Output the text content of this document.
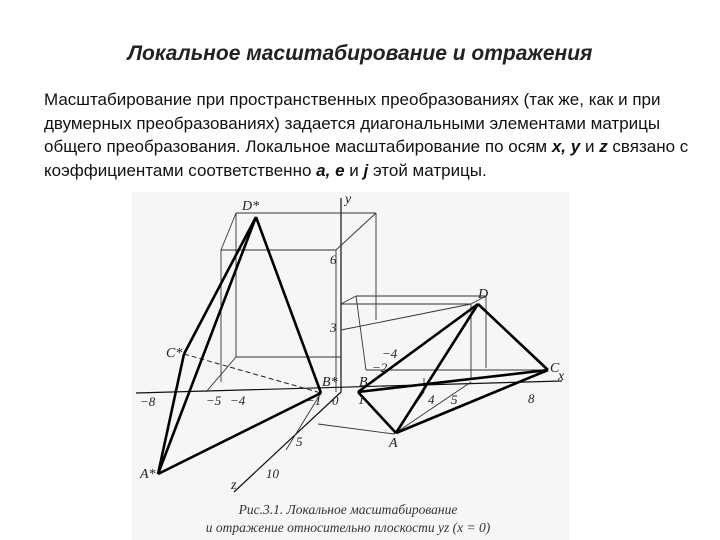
Локальное масштабирование и отражения
Масштабирование при пространственных преобразованиях (так же, как и при двумерных преобразованиях) задается диагональными элементами матрицы общего преобразования. Локальное масштабирование по осям x, y и z связано с коэффициентами соответственно a, e и j этой матрицы.
y
x
z
D*
C*
B*
A*
B
C
D
A
−8	−5 −4	−1 0 1	4 5	8
6
3
−4
−2
5
10
Рис.3.1. Локальное масштабирование
и отражение относительно плоскости yz (x = 0)
